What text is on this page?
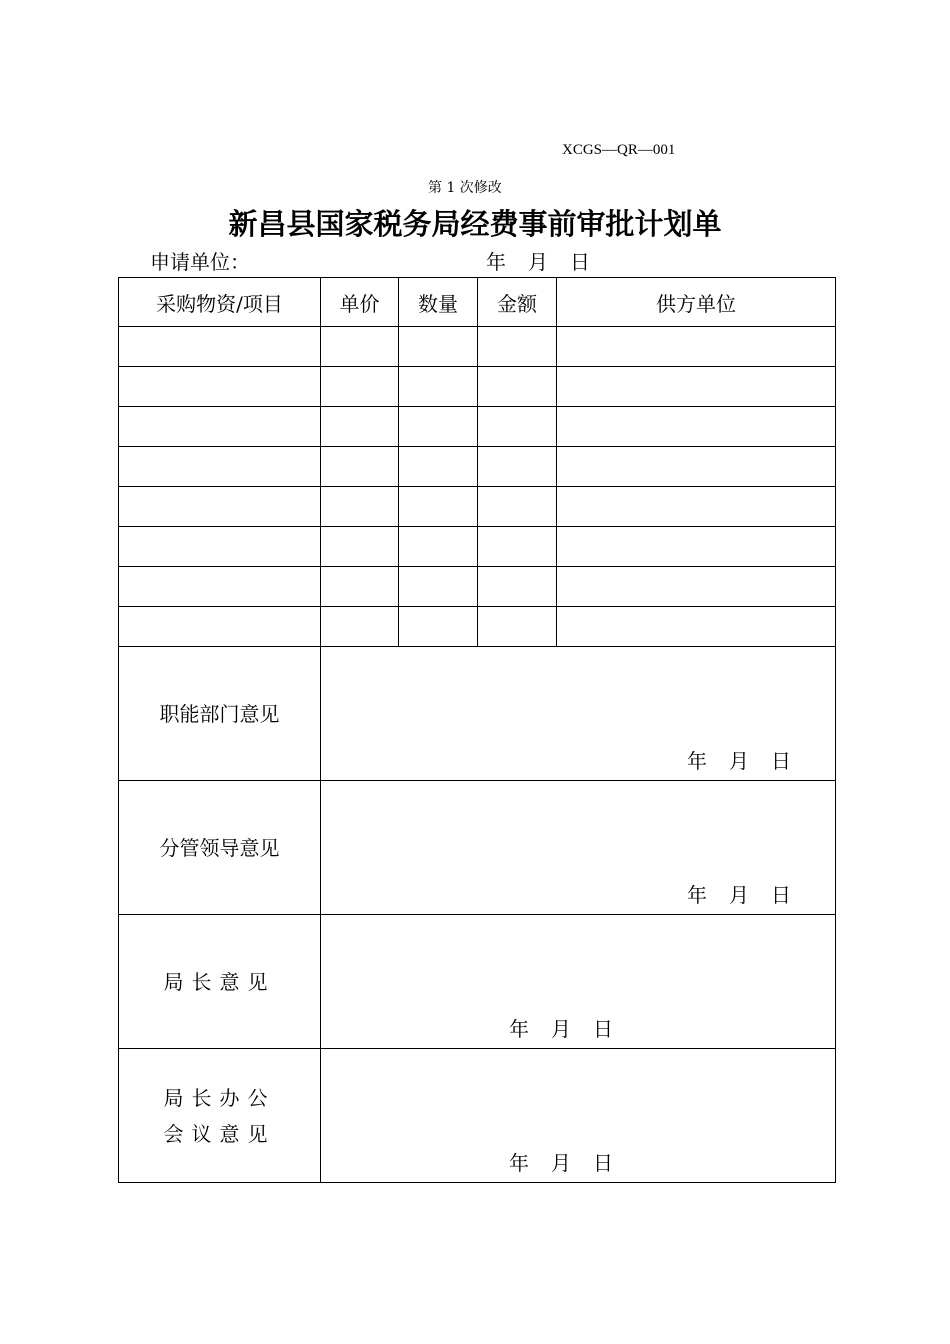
XCGS—QR—001
第 1 次修改
新昌县国家税务局经费事前审批计划单
申请单位：	年 月 日
采购物资/项目	单价	数量	金额	供方单位

职能部门意见	年 月 日			

分管领导意见	年 月 日			

局长意见	年 月 日			

局长办公
会议意见	年 月 日			
